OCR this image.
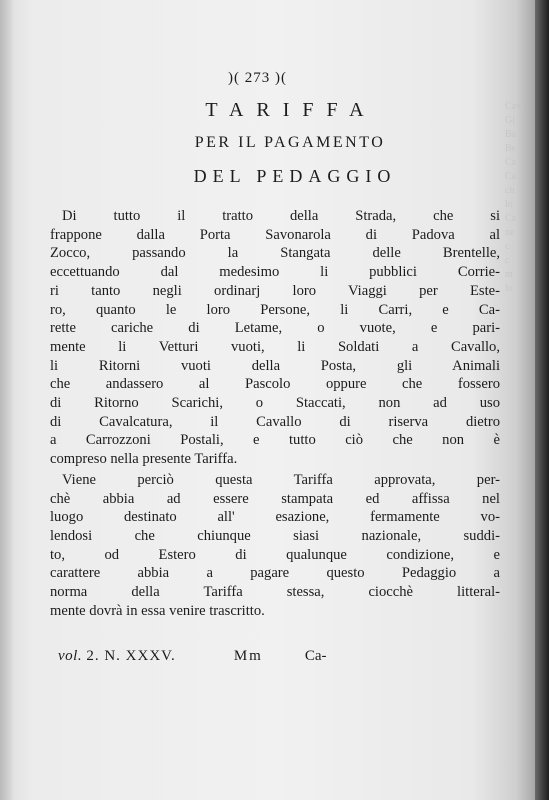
Cav
Gi
Ba
Be
Ca
Ca
ch
lo
Ca
ne
c
c
m
lo
)( 273 )(
TARIFFA
PER IL PAGAMENTO
DEL PEDAGGIO
Di tutto il tratto della Strada, che si
frappone dalla Porta Savonarola di Padova al
Zocco, passando la Stangata delle Brentelle,
eccettuando dal medesimo li pubblici Corrie-
ri tanto negli ordinarj loro Viaggi per Este-
ro, quanto le loro Persone, li Carri, e Ca-
rette cariche di Letame, o vuote, e pari-
mente li Vetturi vuoti, li Soldati a Cavallo,
li Ritorni vuoti della Posta, gli Animali
che andassero al Pascolo oppure che fossero
di Ritorno Scarichi, o Staccati, non ad uso
di Cavalcatura, il Cavallo di riserva dietro
a Carrozzoni Postali, e tutto ciò che non è
compreso nella presente Tariffa.
Viene perciò questa Tariffa approvata, per-
chè abbia ad essere stampata ed affissa nel
luogo destinato all' esazione, fermamente vo-
lendosi che chiunque siasi nazionale, suddi-
to, od Estero di qualunque condizione, e
carattere abbia a pagare questo Pedaggio a
norma della Tariffa stessa, ciocchè litteral-
mente dovrà in essa venire trascritto.
vol. 2. N. XXXV.	Mm	Ca-
